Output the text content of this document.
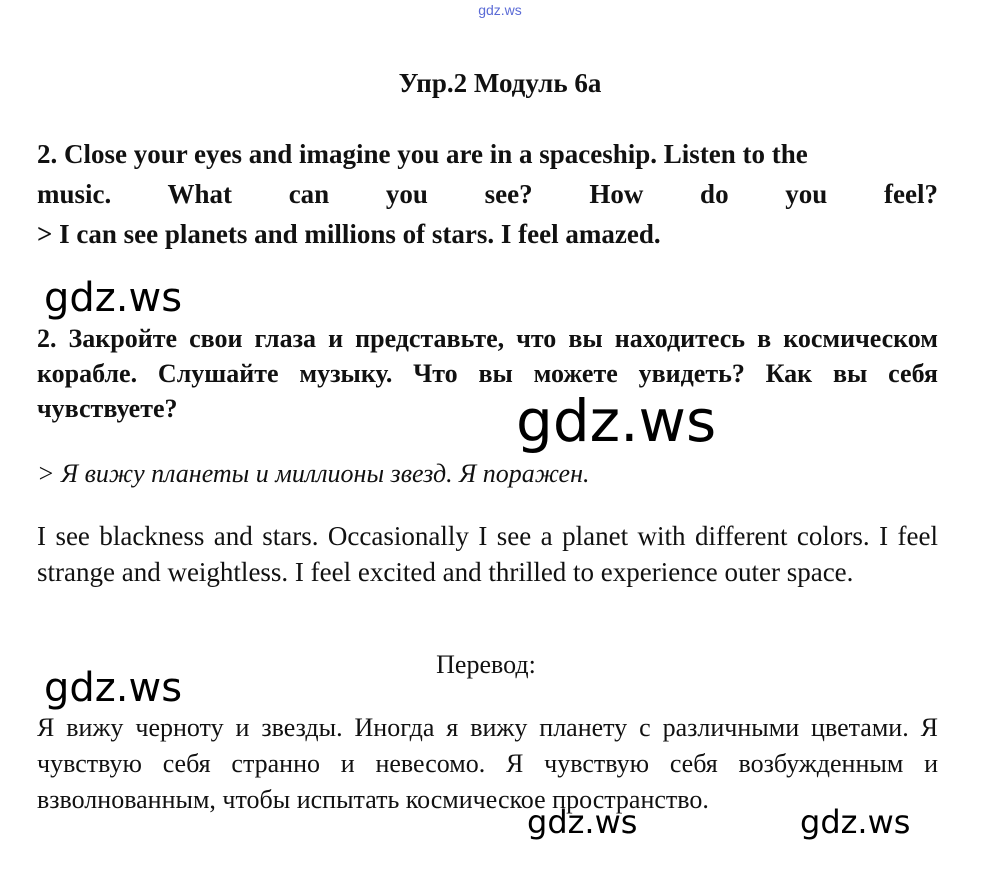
gdz.ws
Упр.2 Модуль 6а
2. Close your eyes and imagine you are in a spaceship. Listen to the
music. What can you see? How do you feel?
> I can see planets and millions of stars. I feel amazed.

2. Закройте свои глаза и представьте, что вы находитесь в космическом корабле. Слушайте музыку. Что вы можете увидеть? Как вы себя чувствуете?

> Я вижу планеты и миллионы звезд. Я поражен.

I see blackness and stars. Occasionally I see a planet with different colors. I feel strange and weightless. I feel excited and thrilled to experience outer space.

Перевод:

Я вижу черноту и звезды. Иногда я вижу планету с различными цветами. Я чувствую себя странно и невесомо. Я чувствую себя возбужденным и взволнованным, чтобы испытать космическое пространство.

gdz.ws
gdz.ws
gdz.ws
gdz.ws	gdz.ws
